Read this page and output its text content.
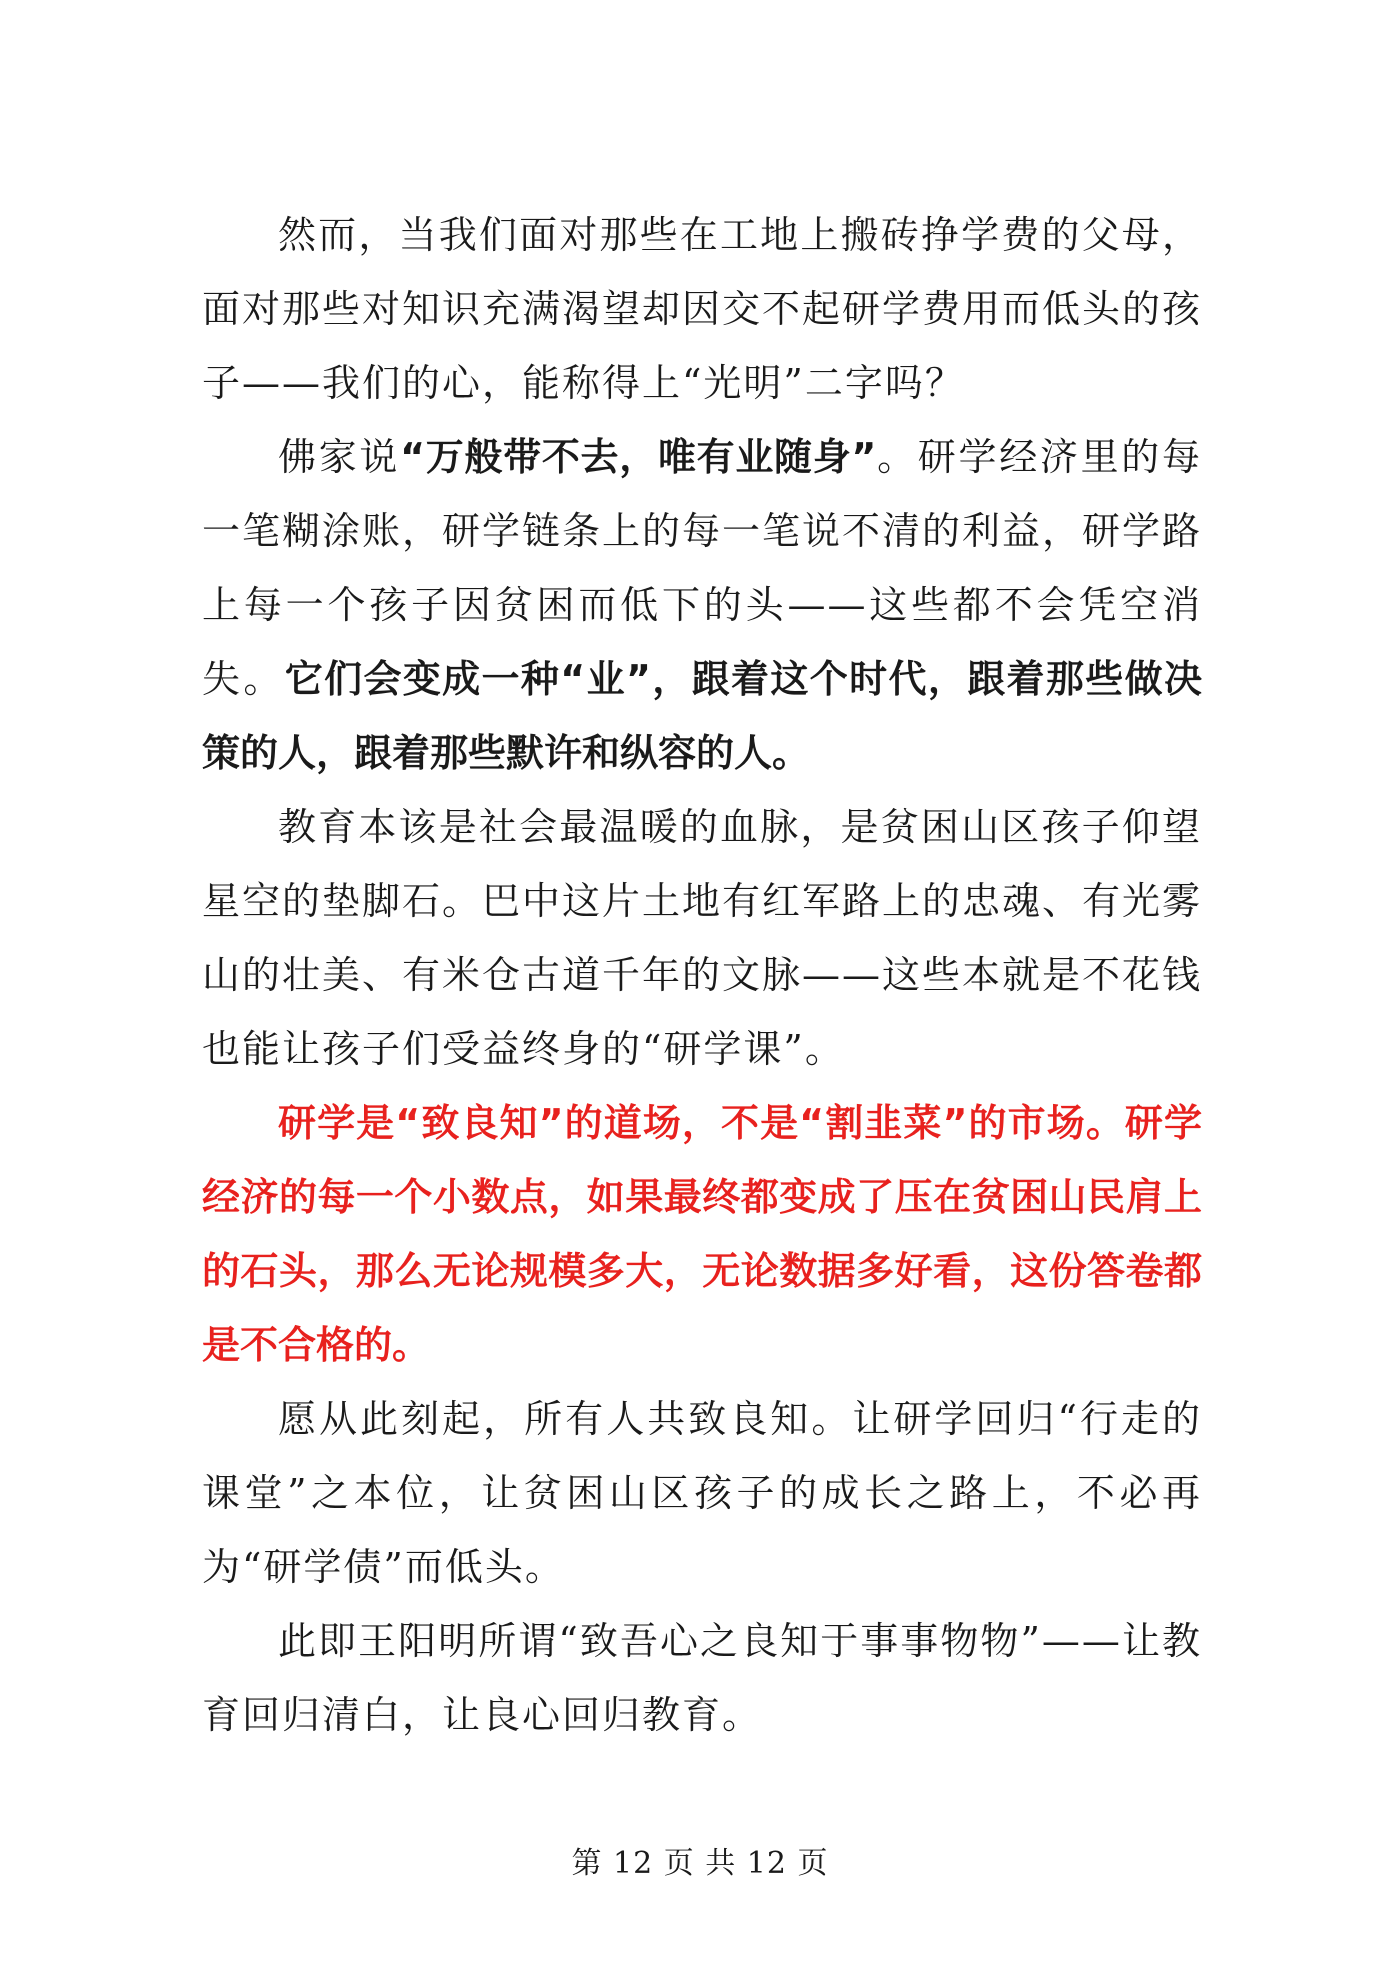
然而，当我们面对那些在工地上搬砖挣学费的父母，面对那些对知识充满渴望却因交不起研学费用而低头的孩子——我们的心，能称得上“光明”二字吗？

佛家说“万般带不去，唯有业随身”。研学经济里的每一笔糊涂账，研学链条上的每一笔说不清的利益，研学路上每一个孩子因贫困而低下的头——这些都不会凭空消失。它们会变成一种“业”，跟着这个时代，跟着那些做决策的人，跟着那些默许和纵容的人。

教育本该是社会最温暖的血脉，是贫困山区孩子仰望星空的垫脚石。巴中这片土地有红军路上的忠魂、有光雾山的壮美、有米仓古道千年的文脉——这些本就是不花钱也能让孩子们受益终身的“研学课”。

研学是“致良知”的道场，不是“割韭菜”的市场。研学经济的每一个小数点，如果最终都变成了压在贫困山民肩上的石头，那么无论规模多大，无论数据多好看，这份答卷都是不合格的。

愿从此刻起，所有人共致良知。让研学回归“行走的课堂”之本位，让贫困山区孩子的成长之路上，不必再为“研学债”而低头。

此即王阳明所谓“致吾心之良知于事事物物”——让教育回归清白，让良心回归教育。

第 12 页 共 12 页
